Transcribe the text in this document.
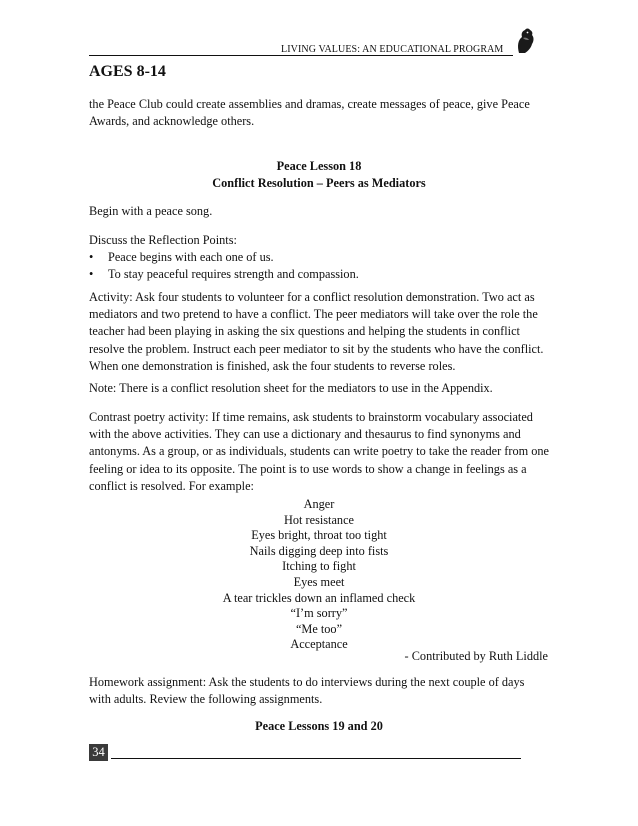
LIVING VALUES: AN EDUCATIONAL PROGRAM
AGES 8-14
the Peace Club could create assemblies and dramas, create messages of peace, give Peace Awards, and acknowledge others.
Peace Lesson 18
Conflict Resolution – Peers as Mediators
Begin with a peace song.
Discuss the Reflection Points:
•	Peace begins with each one of us.
•	To stay peaceful requires strength and compassion.
Activity: Ask four students to volunteer for a conflict resolution demonstration. Two act as mediators and two pretend to have a conflict. The peer mediators will take over the role the teacher had been playing in asking the six questions and helping the students in conflict resolve the problem. Instruct each peer mediator to sit by the students who have the conflict. When one demonstration is finished, ask the four students to reverse roles.
Note: There is a conflict resolution sheet for the mediators to use in the Appendix.
Contrast poetry activity: If time remains, ask students to brainstorm vocabulary associated with the above activities. They can use a dictionary and thesaurus to find synonyms and antonyms. As a group, or as individuals, students can write poetry to take the reader from one feeling or idea to its opposite. The point is to use words to show a change in feelings as a conflict is resolved. For example:
Anger
Hot resistance
Eyes bright, throat too tight
Nails digging deep into fists
Itching to fight
Eyes meet
A tear trickles down an inflamed check
“I’m sorry”
“Me too”
Acceptance
- Contributed by Ruth Liddle
Homework assignment: Ask the students to do interviews during the next couple of days with adults. Review the following assignments.
Peace Lessons 19 and 20
34
